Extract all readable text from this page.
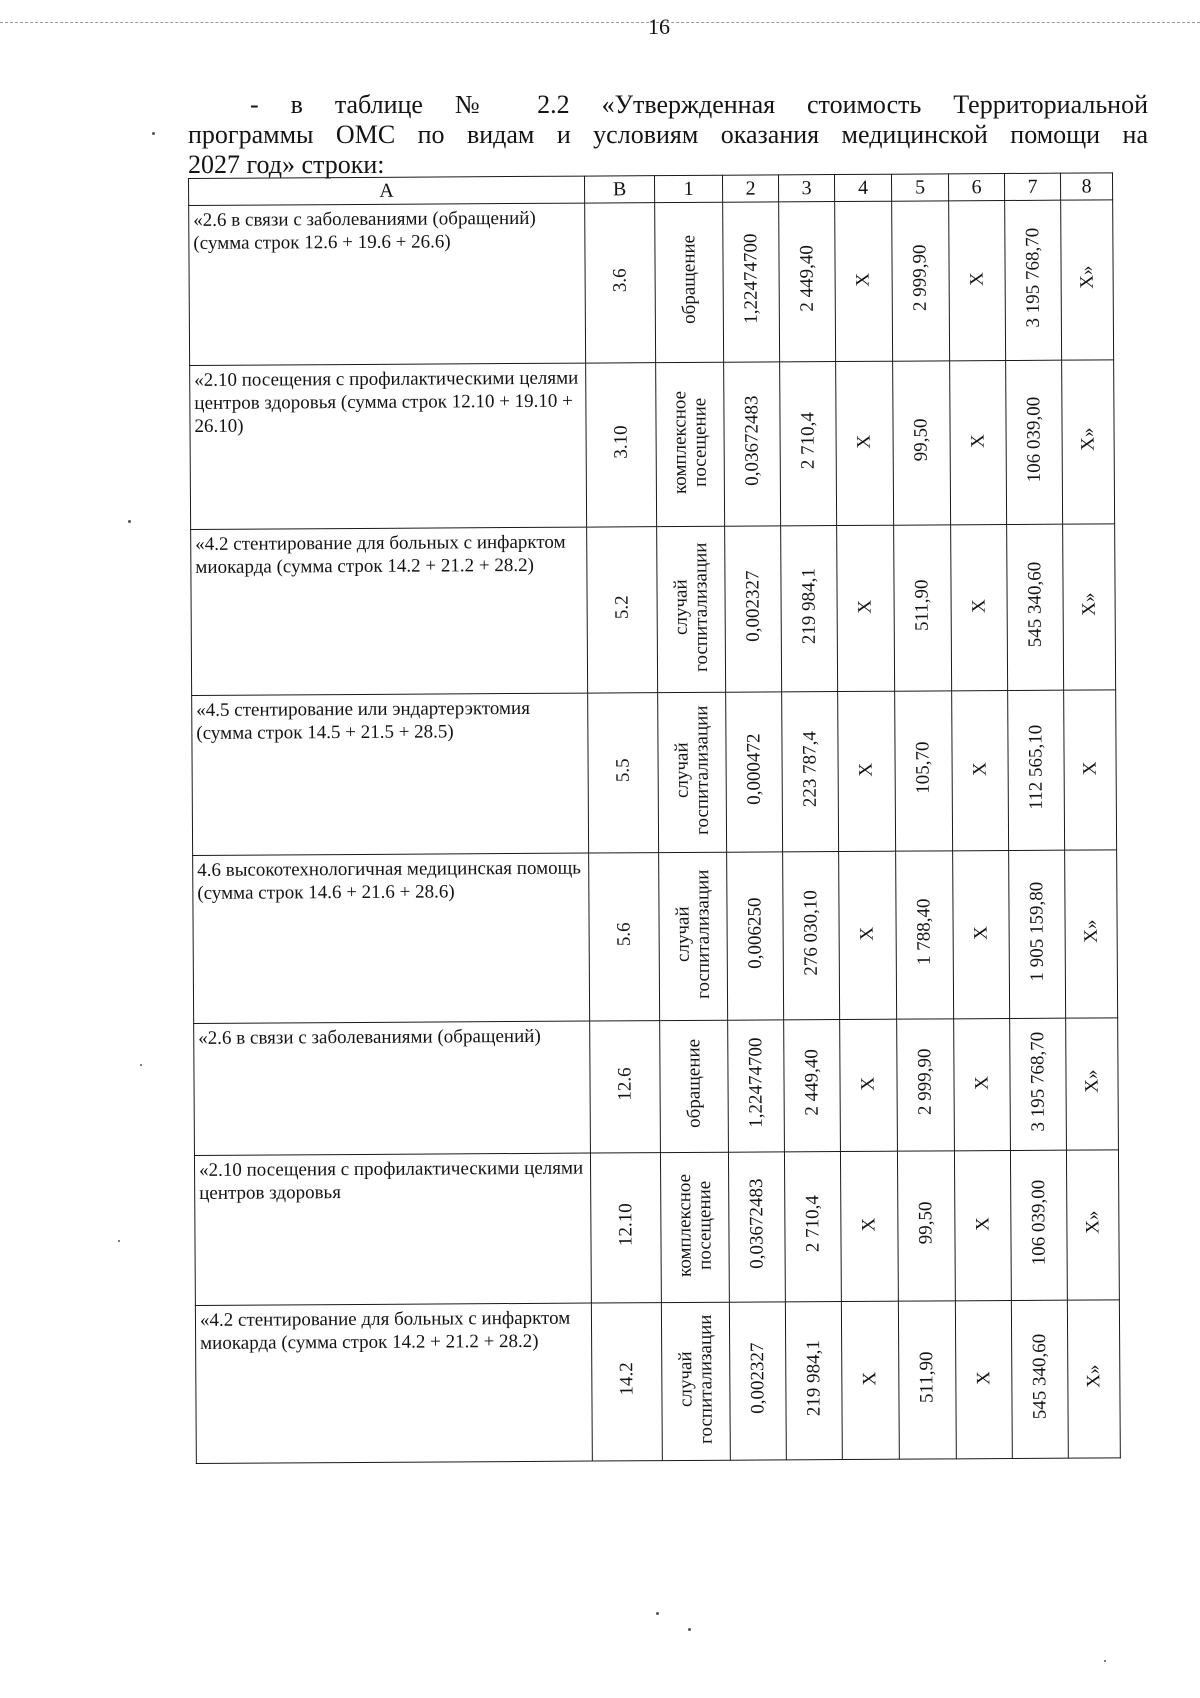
16
- в таблице № 2.2 «Утвержденная стоимость Территориальной
программы ОМС по видам и условиям оказания медицинской помощи на
2027 год» строки:
А	В	1	2	3	4	5	6	7	8
«2.6 в связи с заболеваниями (обращений) (сумма строк 12.6 + 19.6 + 26.6)	3.6	обращение	1,22474700	2 449,40	Х	2 999,90	Х	3 195 768,70	Х»
«2.10 посещения с профилактическими целями центров здоровья (сумма строк 12.10 + 19.10 + 26.10)	3.10	комплексное посещение	0,03672483	2 710,4	Х	99,50	Х	106 039,00	Х»
«4.2 стентирование для больных с инфарктом миокарда (сумма строк 14.2 + 21.2 + 28.2)	5.2	случай госпитализации	0,002327	219 984,1	Х	511,90	Х	545 340,60	Х»
«4.5 стентирование или эндартерэктомия (сумма строк 14.5 + 21.5 + 28.5)	5.5	случай госпитализации	0,000472	223 787,4	Х	105,70	Х	112 565,10	Х
4.6 высокотехнологичная медицинская помощь (сумма строк 14.6 + 21.6 + 28.6)	5.6	случай госпитализации	0,006250	276 030,10	Х	1 788,40	Х	1 905 159,80	Х»
«2.6 в связи с заболеваниями (обращений)	12.6	обращение	1,22474700	2 449,40	Х	2 999,90	Х	3 195 768,70	Х»
«2.10 посещения с профилактическими целями центров здоровья	12.10	комплексное посещение	0,03672483	2 710,4	Х	99,50	Х	106 039,00	Х»
«4.2 стентирование для больных с инфарктом миокарда (сумма строк 14.2 + 21.2 + 28.2)	14.2	случай госпитализации	0,002327	219 984,1	Х	511,90	Х	545 340,60	Х»
